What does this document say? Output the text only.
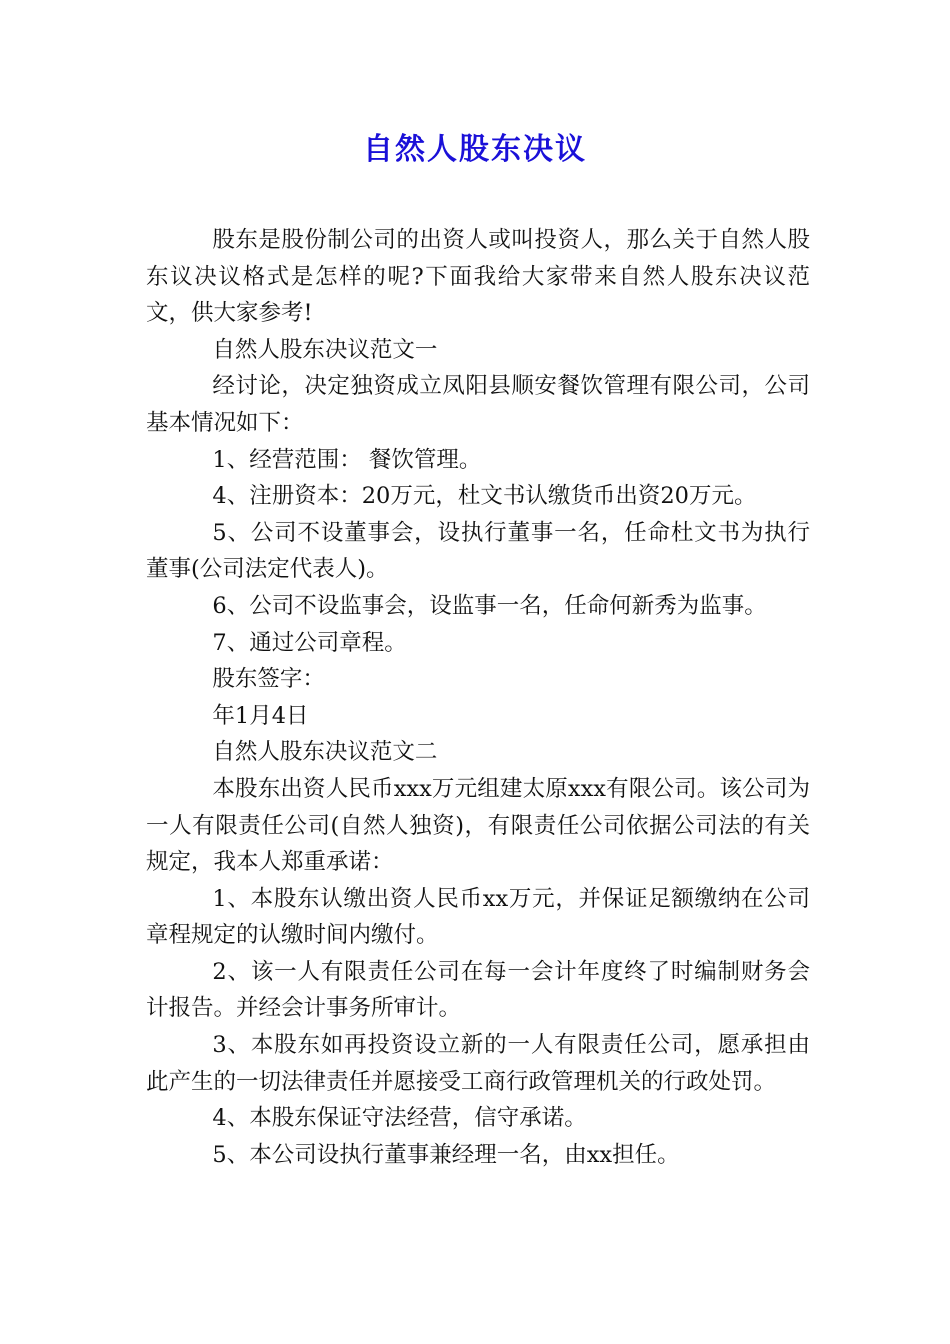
自然人股东决议

股东是股份制公司的出资人或叫投资人，那么关于自然人股东议决议格式是怎样的呢?下面我给大家带来自然人股东决议范文，供大家参考!

自然人股东决议范文一

经讨论，决定独资成立凤阳县顺安餐饮管理有限公司，公司基本情况如下：

1、经营范围： 餐饮管理。

4、注册资本：20万元，杜文书认缴货币出资20万元。

5、公司不设董事会，设执行董事一名，任命杜文书为执行董事(公司法定代表人)。

6、公司不设监事会，设监事一名，任命何新秀为监事。

7、通过公司章程。

股东签字：

年1月4日

自然人股东决议范文二

本股东出资人民币xxx万元组建太原xxx有限公司。该公司为一人有限责任公司(自然人独资)，有限责任公司依据公司法的有关规定，我本人郑重承诺：

1、本股东认缴出资人民币xx万元，并保证足额缴纳在公司章程规定的认缴时间内缴付。

2、该一人有限责任公司在每一会计年度终了时编制财务会计报告。并经会计事务所审计。

3、本股东如再投资设立新的一人有限责任公司，愿承担由此产生的一切法律责任并愿接受工商行政管理机关的行政处罚。

4、本股东保证守法经营，信守承诺。

5、本公司设执行董事兼经理一名，由xx担任。
